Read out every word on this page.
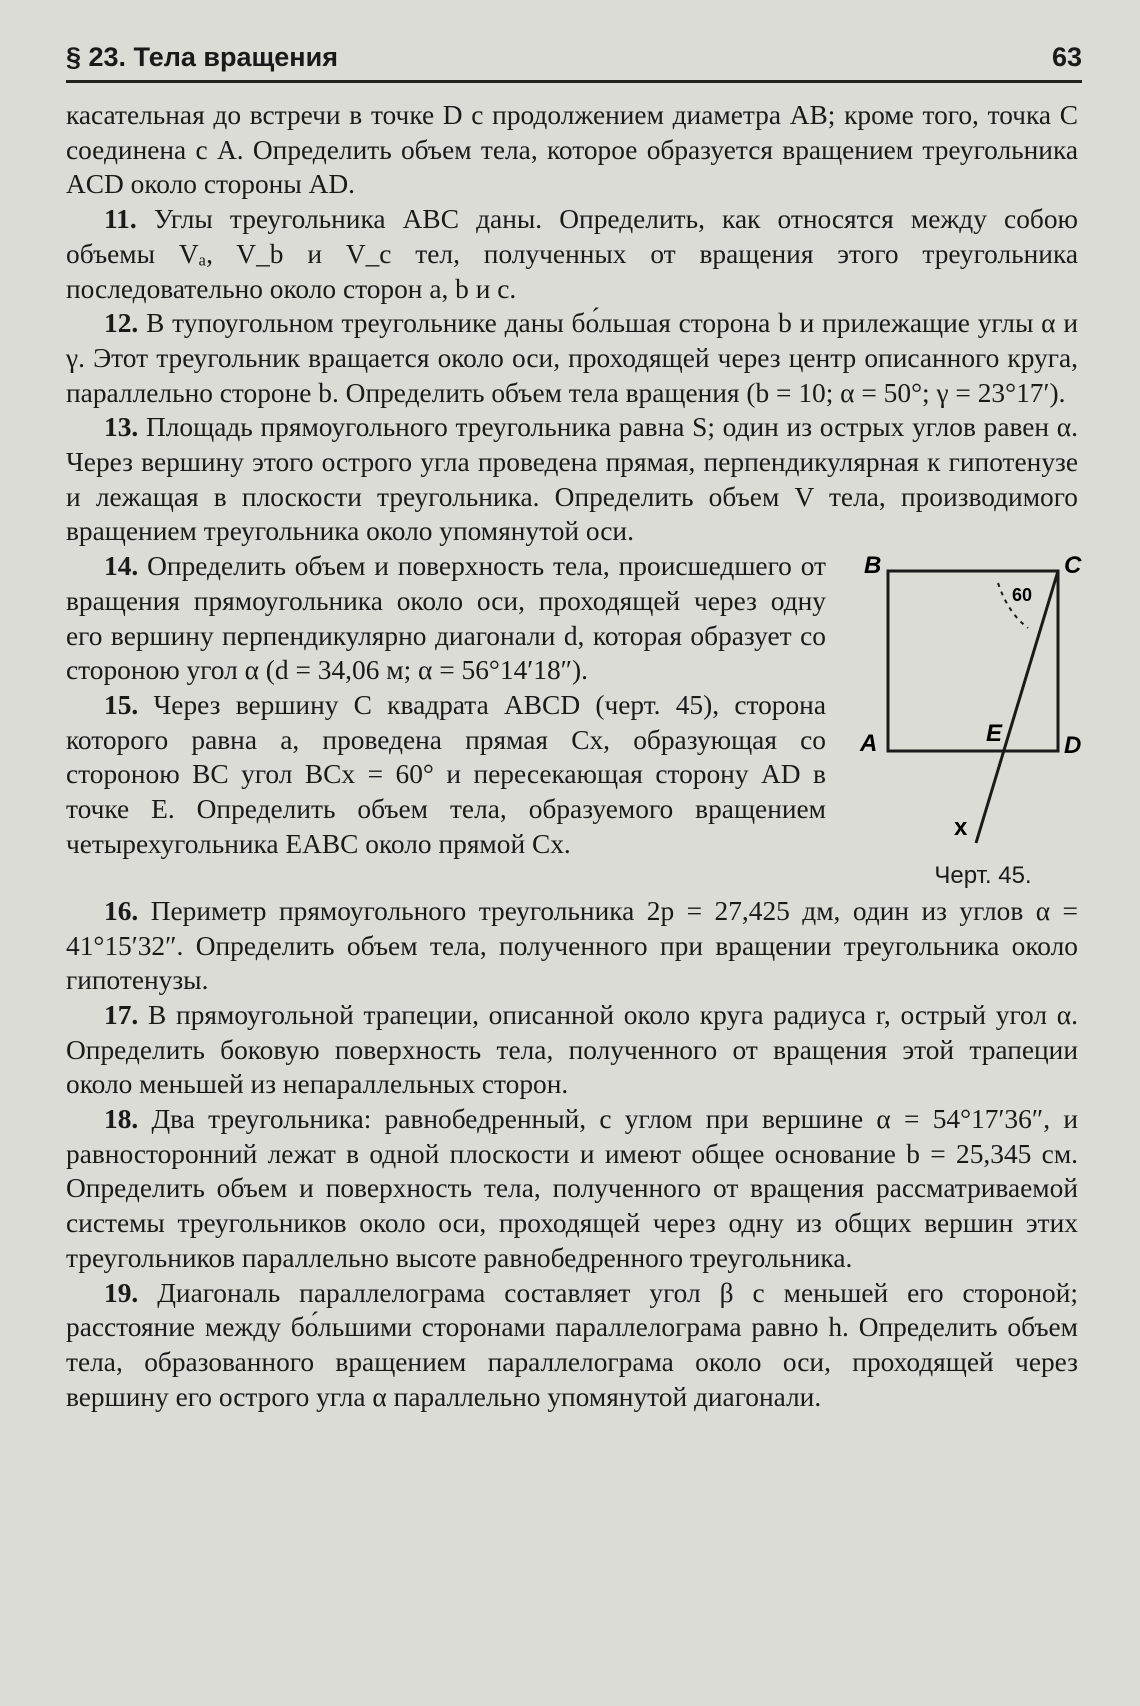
§ 23. Тела вращения	63

касательная до встречи в точке D с продолжением диаметра AB; кроме того, точка C соединена с A. Определить объем тела, которое образуется вращением треугольника ACD около стороны AD.

11. Углы треугольника ABC даны. Определить, как относятся между собою объемы Vₐ, V_b и V_c тел, полученных от вращения этого треугольника последовательно около сторон a, b и c.

12. В тупоугольном треугольнике даны бо́льшая сторона b и прилежащие углы α и γ. Этот треугольник вращается около оси, проходящей через центр описанного круга, параллельно стороне b. Определить объем тела вращения (b = 10; α = 50°; γ = 23°17′).

13. Площадь прямоугольного треугольника равна S; один из острых углов равен α. Через вершину этого острого угла проведена прямая, перпендикулярная к гипотенузе и лежащая в плоскости треугольника. Определить объем V тела, производимого вращением треугольника около упомянутой оси.

14. Определить объем и поверхность тела, происшедшего от вращения прямоугольника около оси, проходящей через одну его вершину перпендикулярно диагонали d, которая образует со стороною угол α (d = 34,06 м; α = 56°14′18″).

15. Через вершину C квадрата ABCD (черт. 45), сторона которого равна a, проведена прямая Cx, образующая со стороною BC угол BCx = 60° и пересекающая сторону AD в точке E. Определить объем тела, образуемого вращением четырехугольника EABC около прямой Cx.

B	C
A	D
E
x
60
Черт. 45.

16. Периметр прямоугольного треугольника 2p = 27,425 дм, один из углов α = 41°15′32″. Определить объем тела, полученного при вращении треугольника около гипотенузы.

17. В прямоугольной трапеции, описанной около круга радиуса r, острый угол α. Определить боковую поверхность тела, полученного от вращения этой трапеции около меньшей из непараллельных сторон.

18. Два треугольника: равнобедренный, с углом при вершине α = 54°17′36″, и равносторонний лежат в одной плоскости и имеют общее основание b = 25,345 см. Определить объем и поверхность тела, полученного от вращения рассматриваемой системы треугольников около оси, проходящей через одну из общих вершин этих треугольников параллельно высоте равнобедренного треугольника.

19. Диагональ параллелограма составляет угол β с меньшей его стороной; расстояние между бо́льшими сторонами параллелограма равно h. Определить объем тела, образованного вращением параллелограма около оси, проходящей через вершину его острого угла α параллельно упомянутой диагонали.
